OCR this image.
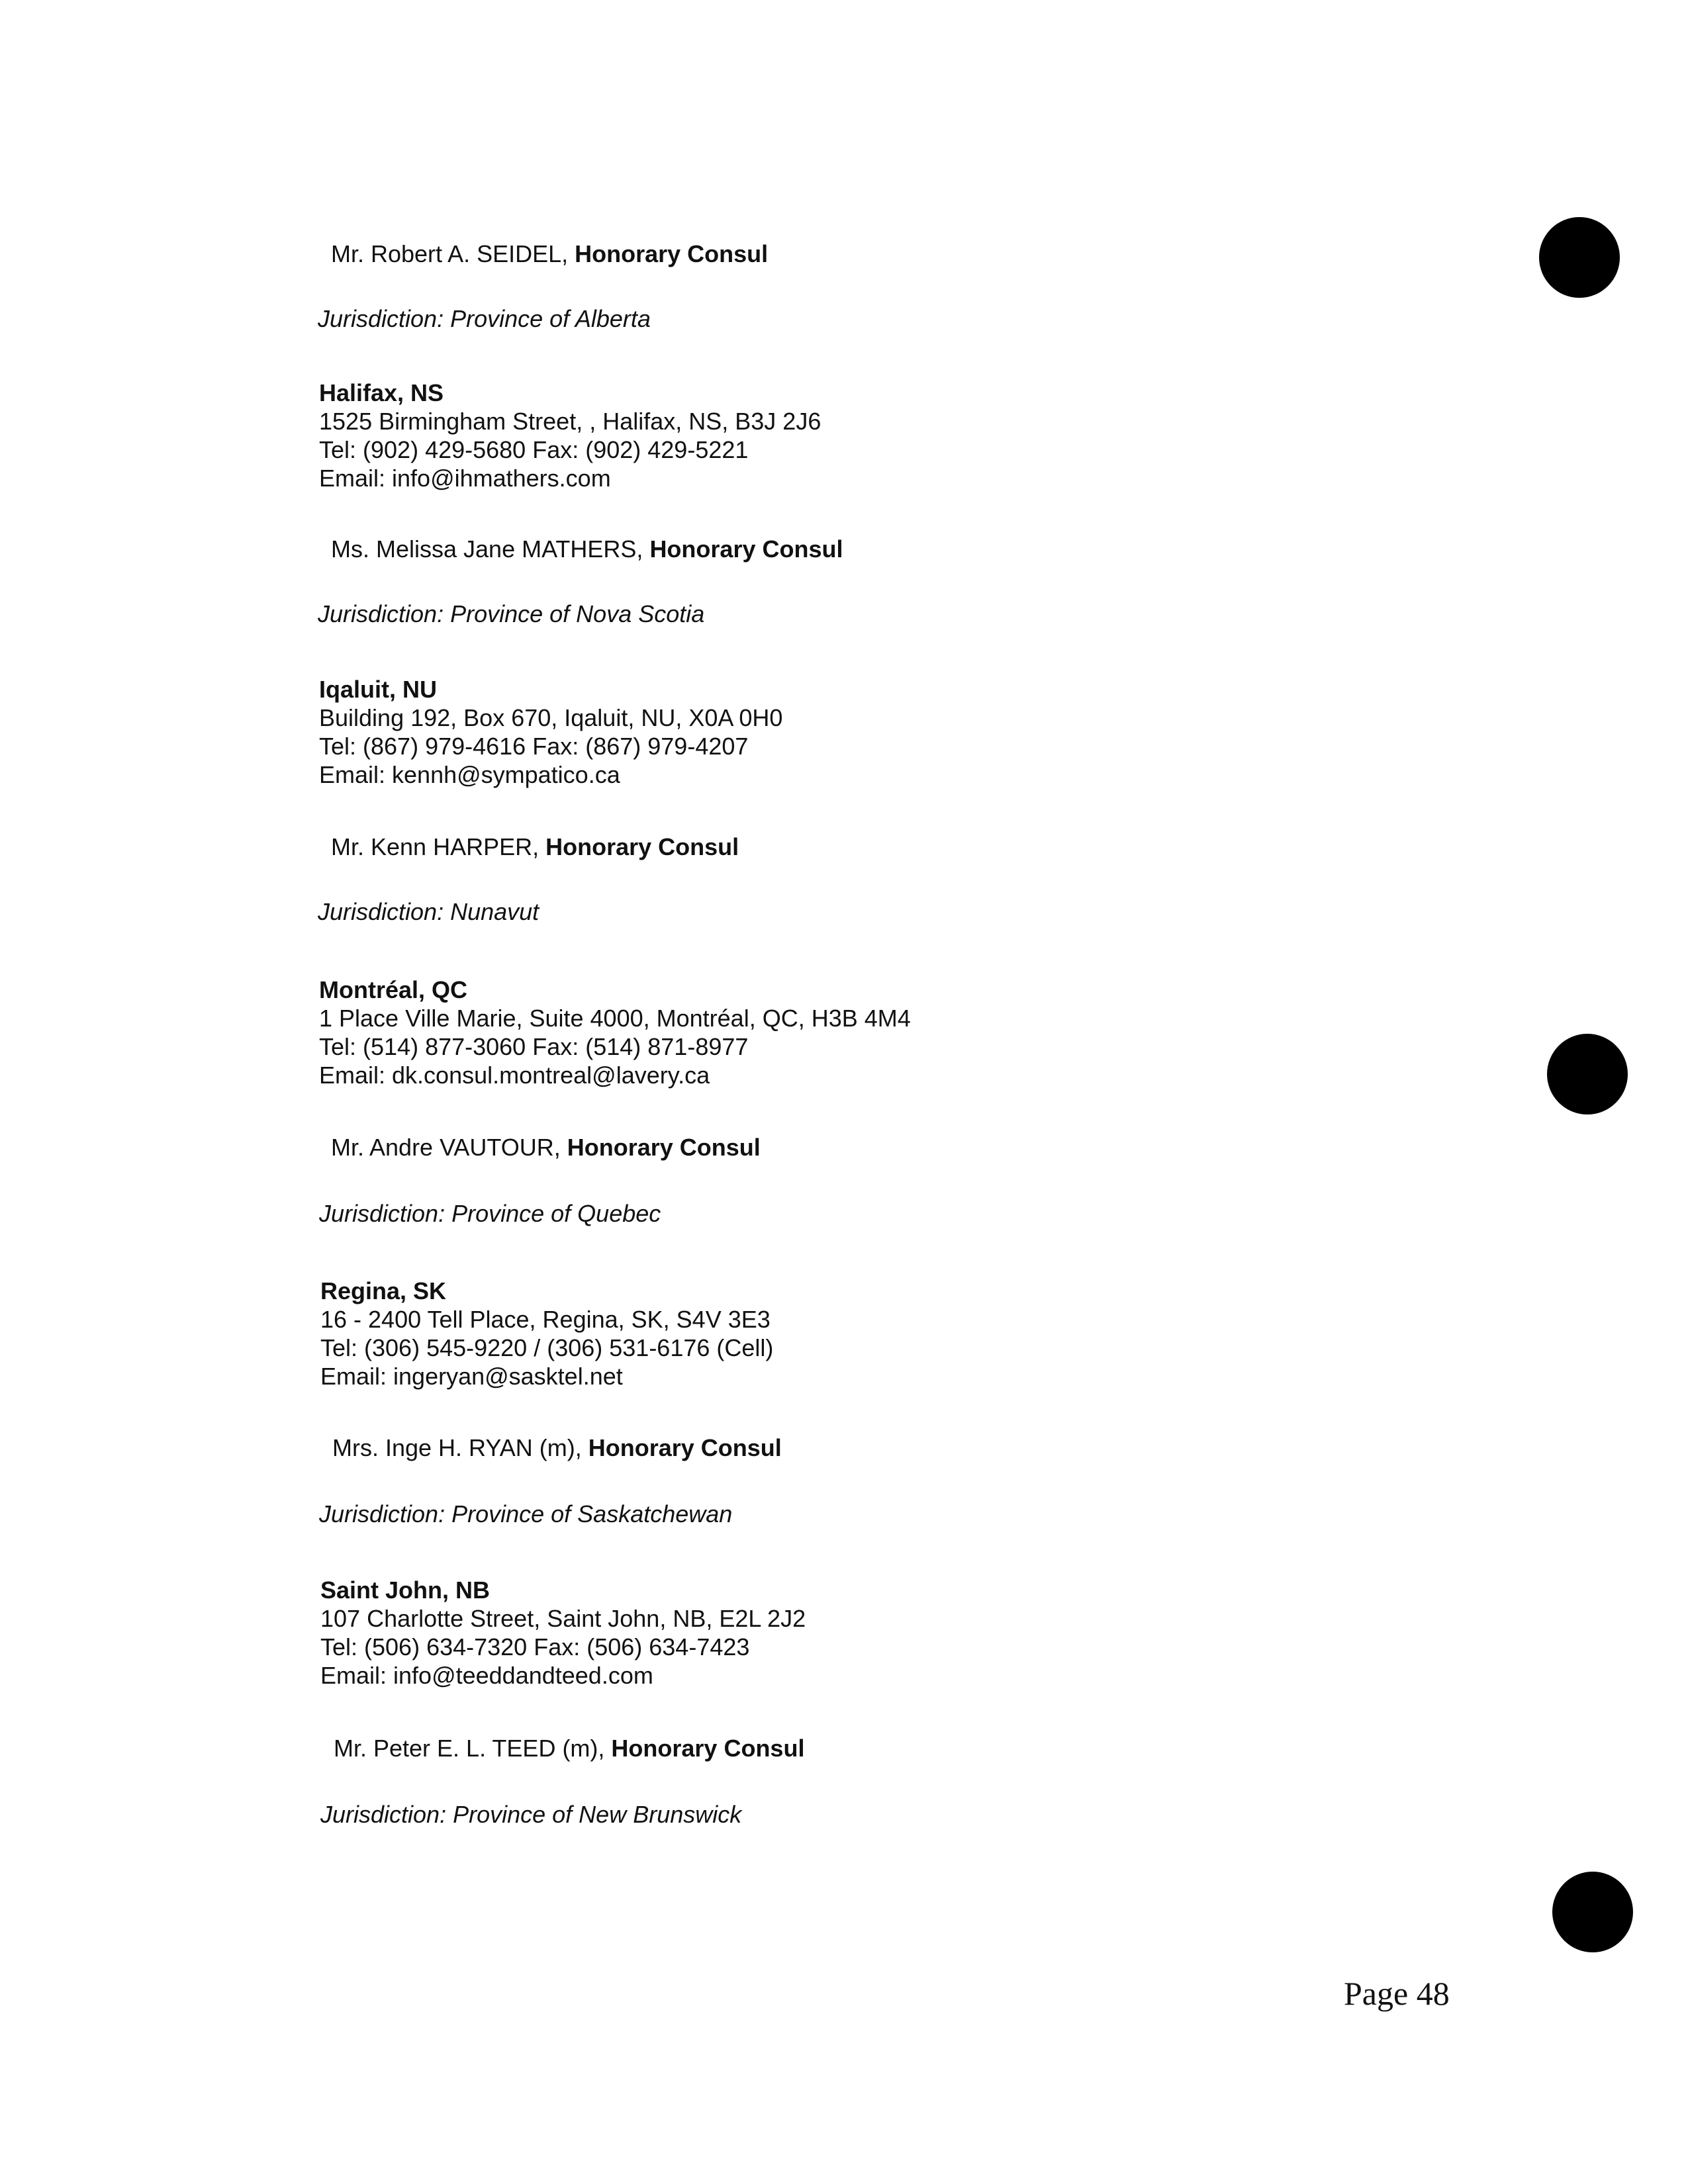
Mr. Robert A. SEIDEL, Honorary Consul
Jurisdiction: Province of Alberta
Halifax, NS
1525 Birmingham Street, , Halifax, NS, B3J 2J6
Tel: (902) 429-5680 Fax: (902) 429-5221
Email: info@ihmathers.com
Ms. Melissa Jane MATHERS, Honorary Consul
Jurisdiction: Province of Nova Scotia
Iqaluit, NU
Building 192, Box 670, Iqaluit, NU, X0A 0H0
Tel: (867) 979-4616 Fax: (867) 979-4207
Email: kennh@sympatico.ca
Mr. Kenn HARPER, Honorary Consul
Jurisdiction: Nunavut
Montréal, QC
1 Place Ville Marie, Suite 4000, Montréal, QC, H3B 4M4
Tel: (514) 877-3060 Fax: (514) 871-8977
Email: dk.consul.montreal@lavery.ca
Mr. Andre VAUTOUR, Honorary Consul
Jurisdiction: Province of Quebec
Regina, SK
16 - 2400 Tell Place, Regina, SK, S4V 3E3
Tel: (306) 545-9220 / (306) 531-6176 (Cell)
Email: ingeryan@sasktel.net
Mrs. Inge H. RYAN (m), Honorary Consul
Jurisdiction: Province of Saskatchewan
Saint John, NB
107 Charlotte Street, Saint John, NB, E2L 2J2
Tel: (506) 634-7320 Fax: (506) 634-7423
Email: info@teeddandteed.com
Mr. Peter E. L. TEED (m), Honorary Consul
Jurisdiction: Province of New Brunswick
Page 48
